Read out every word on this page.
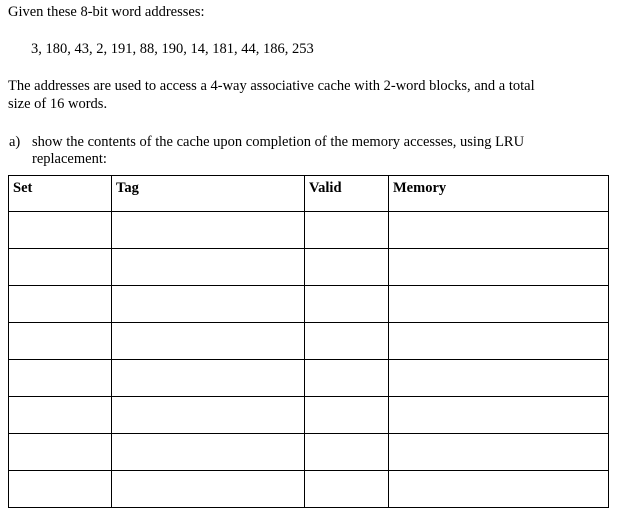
Given these 8-bit word addresses:
3, 180, 43, 2, 191, 88, 190, 14, 181, 44, 186, 253
The addresses are used to access a 4-way associative cache with 2-word blocks, and a total
size of 16 words.
a) show the contents of the cache upon completion of the memory accesses, using LRU
replacement:
Set	Tag	Valid	Memory
